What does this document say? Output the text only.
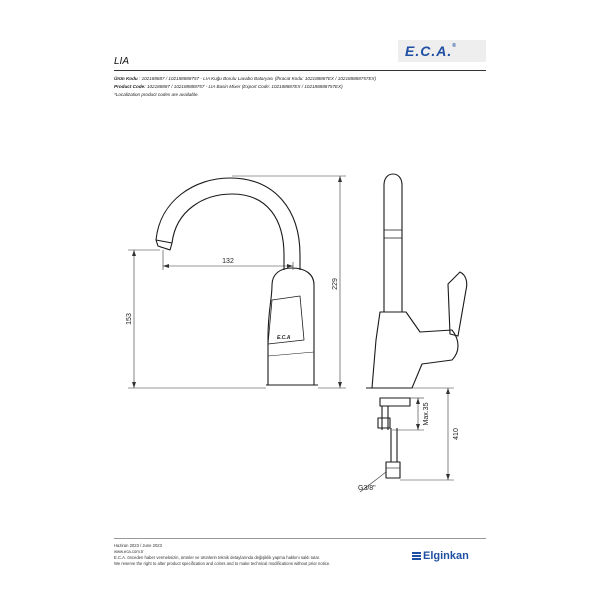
E.C.A.®
LIA
Ürün Kodu : 102188887 / 102188888757 - LIA Kuğu Borulu Lavabo Bataryası (İhracat Kodu: 102188887EX / 102188888757EX)
Product Code: 102188887 / 102188888757 - LIA Basin Mixer (Export Code: 102188887EX / 102188888757EX)
*Localization product codes are available.
132
153
229
Max.35
410
G3/8"
E.C.A
Haziran 2023 / June 2023
www.eca.com.tr
E.C.A. önceden haber vermeksizin, ürünler ve ürünlerin teknik detaylarında değişiklik yapma hakkını saklı tutar.
We reserve the right to alter product specification and colors and to make technical modifications without prior notice.
Elginkan
